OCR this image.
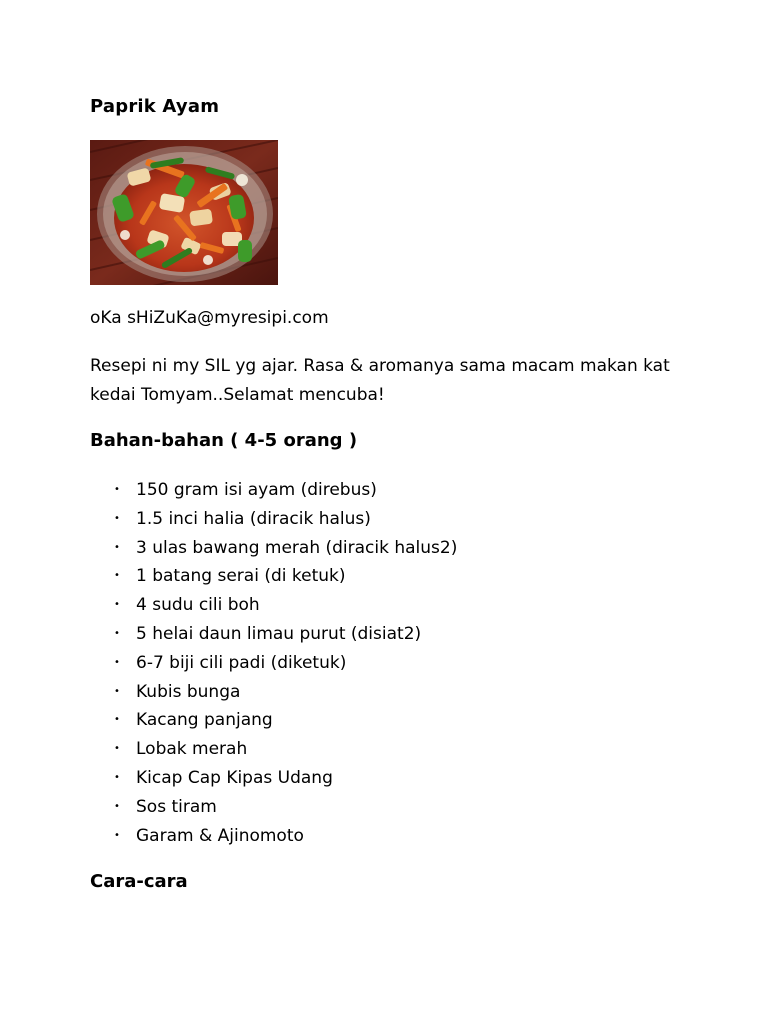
Paprik Ayam
oKa sHiZuKa@myresipi.com
Resepi ni my SIL yg ajar. Rasa & aromanya sama macam makan kat kedai Tomyam..Selamat mencuba!
Bahan-bahan ( 4-5 orang )
• 150 gram isi ayam (direbus)
• 1.5 inci halia (diracik halus)
• 3 ulas bawang merah (diracik halus2)
• 1 batang serai (di ketuk)
• 4 sudu cili boh
• 5 helai daun limau purut (disiat2)
• 6-7 biji cili padi (diketuk)
• Kubis bunga
• Kacang panjang
• Lobak merah
• Kicap Cap Kipas Udang
• Sos tiram
• Garam & Ajinomoto
Cara-cara
